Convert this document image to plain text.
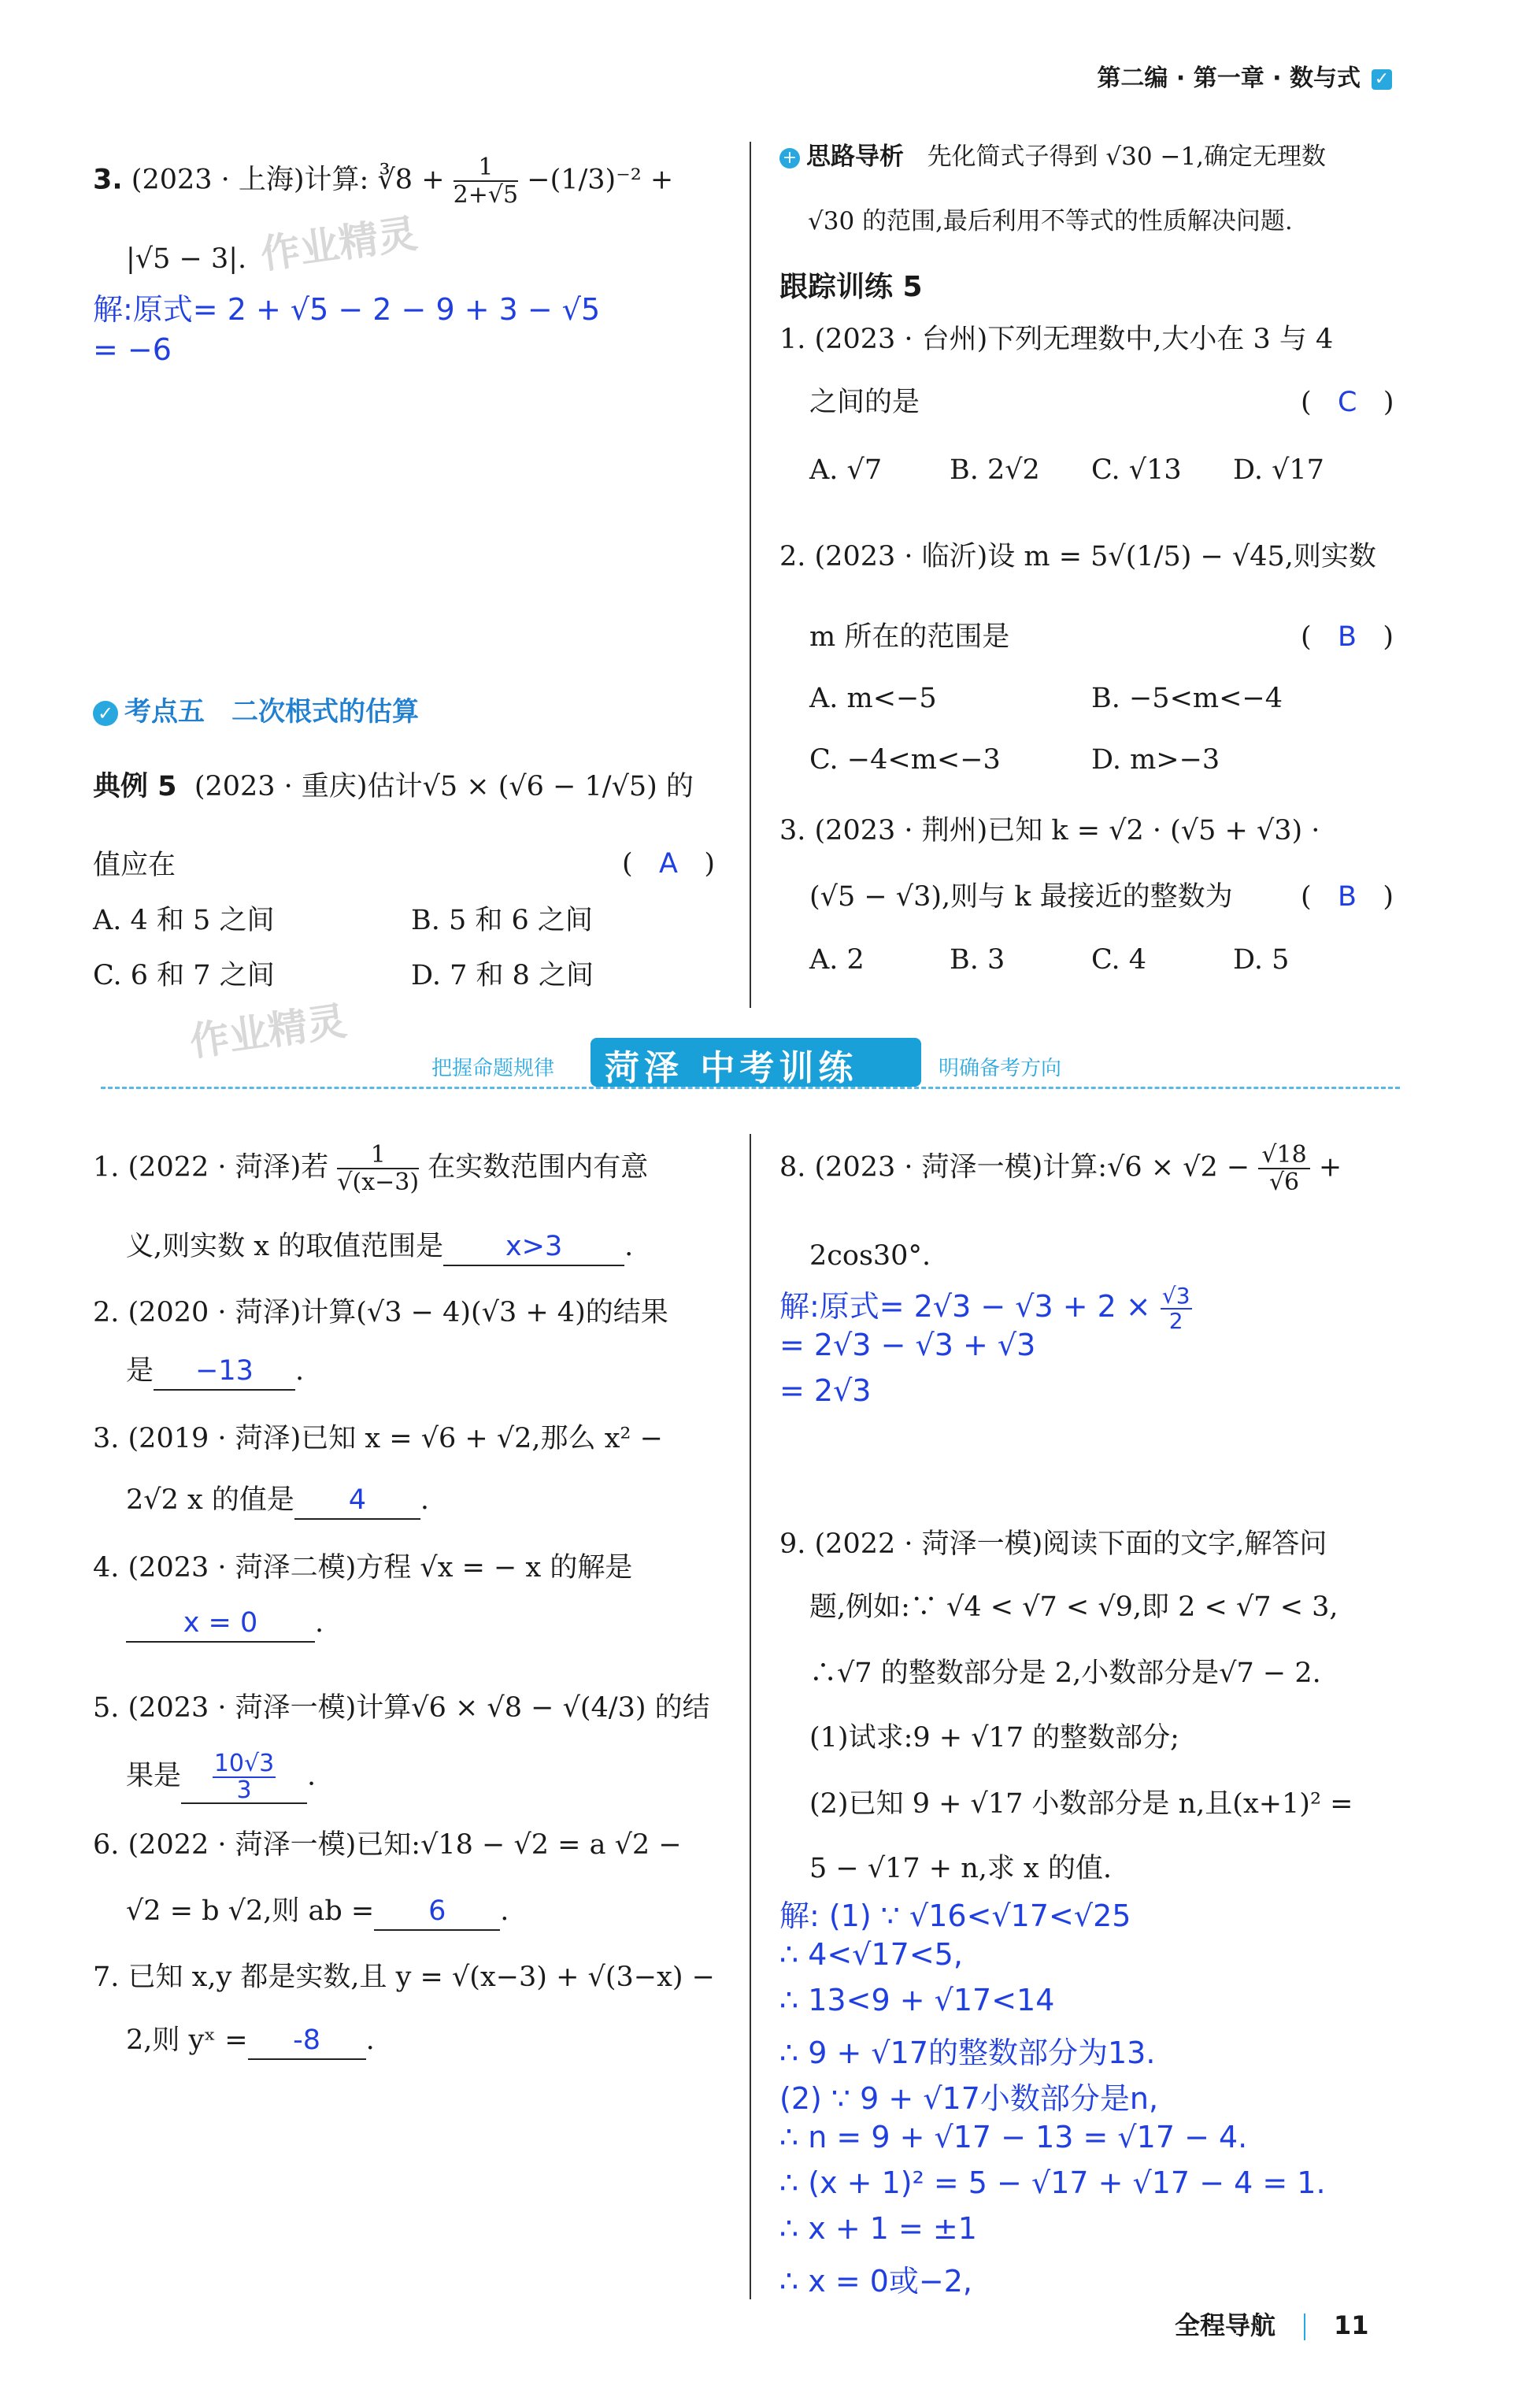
第二编 · 第一章 · 数与式 ✓
作业精灵
作业精灵
3. (2023 · 上海)计算: ∛8 + $\frac{1}{2+√5} -(1/3)^{-2}$ +
|√5 − 3|.
解:原式= 2 + √5 − 2 − 9 + 3 − √5
= −6
✓ 考点五　二次根式的估算
典例 5 (2023 · 重庆)估计√5 × (√6 − 1/√5) 的
值应在	(   A   )
A. 4 和 5 之间	B. 5 和 6 之间
C. 6 和 7 之间	D. 7 和 8 之间
+ 思路导析 先化简式子得到 √30 −1,确定无理数
√30 的范围,最后利用不等式的性质解决问题.
跟踪训练 5
1. (2023 · 台州)下列无理数中,大小在 3 与 4
之间的是	(   C   )
A. √7 B. 2√2 C. √13 D. √17
2. (2023 · 临沂)设 m = 5√(1/5) − √45,则实数
m 所在的范围是	(   B   )
A. m<−5	B. −5<m<−4
C. −4<m<−3	D. m>−3
3. (2023 · 荆州)已知 k = √2 · (√5 + √3) ·
(√5 − √3),则与 k 最接近的整数为 (   B   )
A. 2	B. 3	C. 4	D. 5
把握命题规律 菏泽 中考训练	明确备考方向
1. (2022 · 菏泽)若 $\frac{1}{√(x-3)}$ 在实数范围内有意
义,则实数 x 的取值范围是 x>3 .
2. (2020 · 菏泽)计算(√3 − 4)(√3 + 4)的结果
是 −13 .
3. (2019 · 菏泽)已知 x = √6 + √2,那么 x² −
2√2 x 的值是 4 .
4. (2023 · 菏泽二模)方程 √x = − x 的解是
x = 0 .
5. (2023 · 菏泽一模)计算√6 × √8 − √(4/3) 的结
果是 $\frac{10√3}{3}$ .
6. (2022 · 菏泽一模)已知:√18 − √2 = a √2 −
√2 = b √2,则 ab = 6 .
7. 已知 x,y 都是实数,且 y = √(x−3) + √(3−x) −
2,则 yˣ = -8 .
8. (2023 · 菏泽一模)计算:√6 × $√2 - \frac{√18}{√6}$ +
2cos30°.
解:原式= $2√3 - √3 + 2 \times \frac{√3}{2}$
= 2√3 − √3 + √3
= 2√3
9. (2022 · 菏泽一模)阅读下面的文字,解答问
题,例如:∵ √4 < √7 < √9,即 2 < √7 < 3,
∴√7 的整数部分是 2,小数部分是√7 − 2.
(1)试求:9 + √17 的整数部分;
(2)已知 9 + √17 小数部分是 n,且(x+1)² =
5 − √17 + n,求 x 的值.
解: (1) ∵ √16<√17<√25
∴ 4<√17<5,
∴ 13<9 + √17<14
∴ 9 + √17的整数部分为13.
(2) ∵ 9 + √17小数部分是n,
∴ n = 9 + √17 − 13 = √17 − 4.
∴ (x + 1)² = 5 − √17 + √17 − 4 = 1.
∴ x + 1 = ±1
∴ x = 0或−2,
全程导航 11
